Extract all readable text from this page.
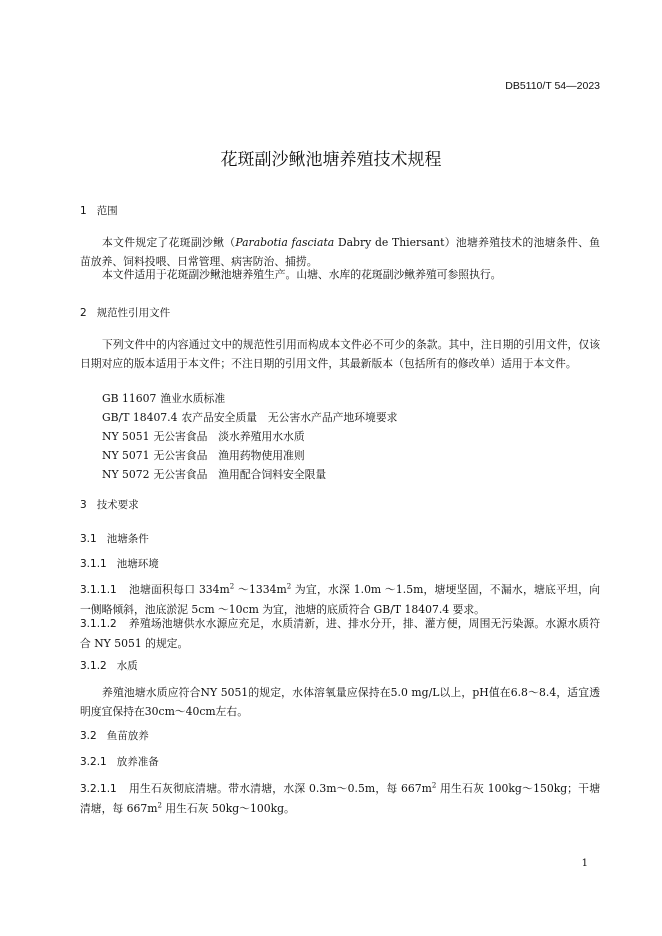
DB5110/T 54—2023
花斑副沙鳅池塘养殖技术规程
1 范围
本文件规定了花斑副沙鳅（Parabotia fasciata Dabry de Thiersant）池塘养殖技术的池塘条件、鱼苗放养、饲料投喂、日常管理、病害防治、捕捞。
本文件适用于花斑副沙鳅池塘养殖生产。山塘、水库的花斑副沙鳅养殖可参照执行。
2 规范性引用文件
下列文件中的内容通过文中的规范性引用而构成本文件必不可少的条款。其中，注日期的引用文件，仅该日期对应的版本适用于本文件；不注日期的引用文件，其最新版本（包括所有的修改单）适用于本文件。
GB 11607 渔业水质标准
GB/T 18407.4 农产品安全质量　无公害水产品产地环境要求
NY 5051 无公害食品　淡水养殖用水水质
NY 5071 无公害食品　渔用药物使用准则
NY 5072 无公害食品　渔用配合饲料安全限量
3 技术要求
3.1 池塘条件
3.1.1 池塘环境
3.1.1.1 池塘面积每口 $334m^2$ $\sim 1334m^2$ 为宜，水深 1.0m ～1.5m，塘埂坚固，不漏水，塘底平坦，向一侧略倾斜，池底淤泥 5cm ～10cm 为宜，池塘的底质符合 GB/T 18407.4 要求。
3.1.1.2 养殖场池塘供水水源应充足，水质清新，进、排水分开，排、灌方便，周围无污染源。水源水质符合 NY 5051 的规定。
3.1.2 水质
养殖池塘水质应符合NY 5051的规定，水体溶氧量应保持在5.0 mg/L以上，pH值在6.8～8.4，适宜透明度宜保持在30cm～40cm左右。
3.2 鱼苗放养
3.2.1 放养准备
3.2.1.1 用生石灰彻底清塘。带水清塘，水深 0.3m～0.5m，每 $667m^2$ 用生石灰 100kg～150kg；干塘清塘，每 $667m^2$ 用生石灰 50kg～100kg。
1
